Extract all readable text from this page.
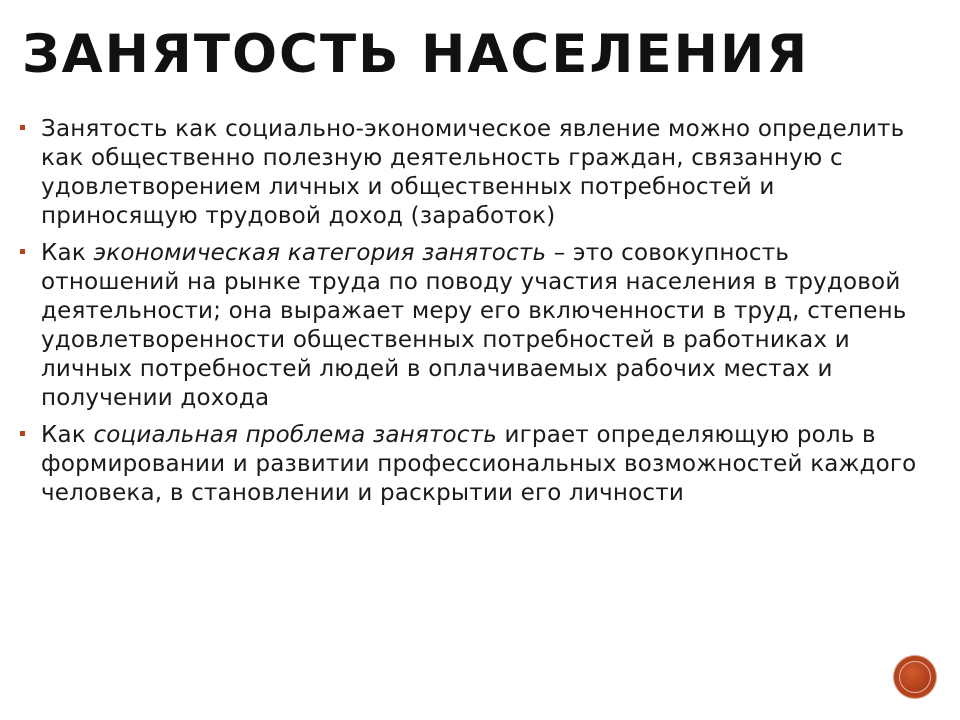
ЗАНЯТОСТЬ НАСЕЛЕНИЯ
Занятость как социально-экономическое явление можно определить как общественно полезную деятельность граждан, связанную с удовлетворением личных и общественных потребностей и приносящую трудовой доход (заработок)
Как экономическая категория занятость – это совокупность отношений на рынке труда по поводу участия населения в трудовой деятельности; она выражает меру его включенности в труд, степень удовлетворенности общественных потребностей в работниках и личных потребностей людей в оплачиваемых рабочих местах и получении дохода
Как социальная проблема занятость играет определяющую роль в формировании и развитии профессиональных возможностей каждого человека, в становлении и раскрытии его личности
